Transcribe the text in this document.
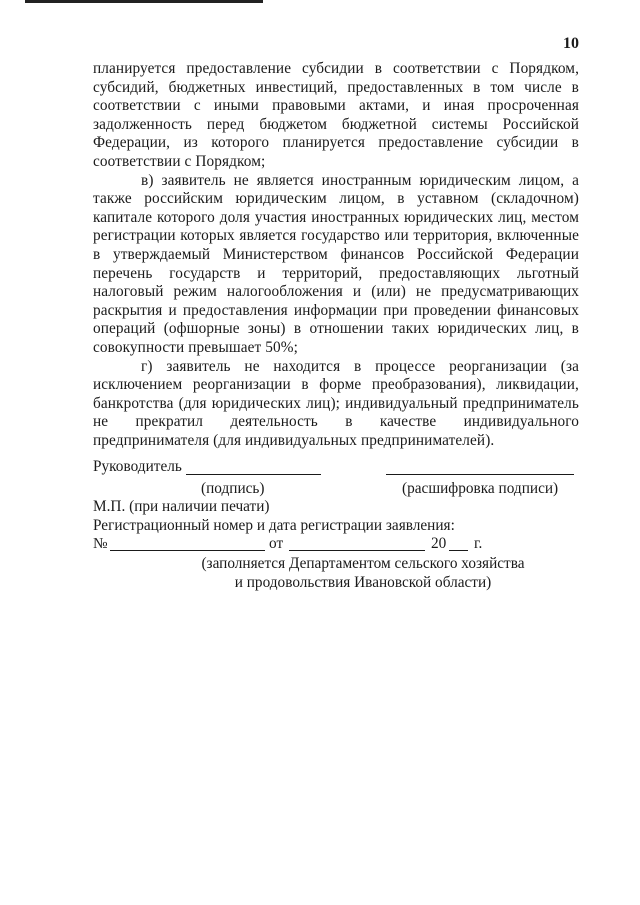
10

планируется предоставление субсидии в соответствии с Порядком, субсидий, бюджетных инвестиций, предоставленных в том числе в соответствии с иными правовыми актами, и иная просроченная задолженность перед бюджетом бюджетной системы Российской Федерации, из которого планируется предоставление субсидии в соответствии с Порядком;

в) заявитель не является иностранным юридическим лицом, а также российским юридическим лицом, в уставном (складочном) капитале которого доля участия иностранных юридических лиц, местом регистрации которых является государство или территория, включенные в утверждаемый Министерством финансов Российской Федерации перечень государств и территорий, предоставляющих льготный налоговый режим налогообложения и (или) не предусматривающих раскрытия и предоставления информации при проведении финансовых операций (офшорные зоны) в отношении таких юридических лиц, в совокупности превышает 50%;

г) заявитель не находится в процессе реорганизации (за исключением реорганизации в форме преобразования), ликвидации, банкротства (для юридических лиц); индивидуальный предприниматель не прекратил деятельность в качестве индивидуального предпринимателя (для индивидуальных предпринимателей).

Руководитель
(подпись)	(расшифровка подписи)
М.П. (при наличии печати)
Регистрационный номер и дата регистрации заявления:
№	от	20 г.
(заполняется Департаментом сельского хозяйства
и продовольствия Ивановской области)
